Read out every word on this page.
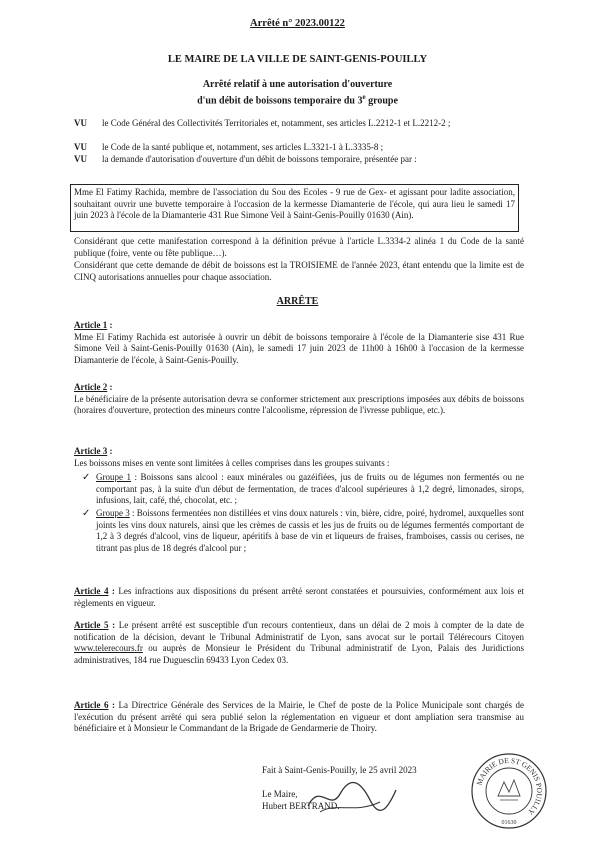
Arrêté n° 2023.00122
LE MAIRE DE LA VILLE DE SAINT-GENIS-POUILLY
Arrêté relatif à une autorisation d'ouverture
d'un débit de boissons temporaire du 3e groupe
VU le Code Général des Collectivités Territoriales et, notamment, ses articles L.2212-1 et L.2212-2 ;
VU le Code de la santé publique et, notamment, ses articles L.3321-1 à L.3335-8 ;
VU la demande d'autorisation d'ouverture d'un débit de boissons temporaire, présentée par :
Mme El Fatimy Rachida, membre de l'association du Sou des Ecoles - 9 rue de Gex- et agissant pour ladite association, souhaitant ouvrir une buvette temporaire à l'occasion de la kermesse Diamanterie de l'école, qui aura lieu le samedi 17 juin 2023 à l'école de la Diamanterie 431 Rue Simone Veil à Saint-Genis-Pouilly 01630 (Ain).
Considérant que cette manifestation correspond à la définition prévue à l'article L.3334-2 alinéa 1 du Code de la santé publique (foire, vente ou fête publique…).
Considérant que cette demande de débit de boissons est la TROISIEME de l'année 2023, étant entendu que la limite est de CINQ autorisations annuelles pour chaque association.
ARRÊTE
Article 1 :
Mme El Fatimy Rachida est autorisée à ouvrir un débit de boissons temporaire à l'école de la Diamanterie sise 431 Rue Simone Veil à Saint-Genis-Pouilly 01630 (Ain), le samedi 17 juin 2023 de 11h00 à 16h00 à l'occasion de la kermesse Diamanterie de l'école, à Saint-Genis-Pouilly.
Article 2 :
Le bénéficiaire de la présente autorisation devra se conformer strictement aux prescriptions imposées aux débits de boissons (horaires d'ouverture, protection des mineurs contre l'alcoolisme, répression de l'ivresse publique, etc.).
Article 3 :
Les boissons mises en vente sont limitées à celles comprises dans les groupes suivants :
✓ Groupe 1 : Boissons sans alcool : eaux minérales ou gazéifiées, jus de fruits ou de légumes non fermentés ou ne comportant pas, à la suite d'un début de fermentation, de traces d'alcool supérieures à 1,2 degré, limonades, sirops, infusions, lait, café, thé, chocolat, etc. ;
✓ Groupe 3 : Boissons fermentées non distillées et vins doux naturels : vin, bière, cidre, poiré, hydromel, auxquelles sont joints les vins doux naturels, ainsi que les crèmes de cassis et les jus de fruits ou de légumes fermentés comportant de 1,2 à 3 degrés d'alcool, vins de liqueur, apéritifs à base de vin et liqueurs de fraises, framboises, cassis ou cerises, ne titrant pas plus de 18 degrés d'alcool pur ;
Article 4 : Les infractions aux dispositions du présent arrêté seront constatées et poursuivies, conformément aux lois et règlements en vigueur.
Article 5 : Le présent arrêté est susceptible d'un recours contentieux, dans un délai de 2 mois à compter de la date de notification de la décision, devant le Tribunal Administratif de Lyon, sans avocat sur le portail Télérecours Citoyen www.telerecours.fr ou auprès de Monsieur le Président du Tribunal administratif de Lyon, Palais des Juridictions administratives, 184 rue Duguesclin 69433 Lyon Cedex 03.
Article 6 : La Directrice Générale des Services de la Mairie, le Chef de poste de la Police Municipale sont chargés de l'exécution du présent arrêté qui sera publié selon la réglementation en vigueur et dont ampliation sera transmise au bénéficiaire et à Monsieur le Commandant de la Brigade de Gendarmerie de Thoiry.
Fait à Saint-Genis-Pouilly, le 25 avril 2023
Le Maire,
Hubert BERTRAND.
MAIRIE DE ST GENIS POUILLY
01630
